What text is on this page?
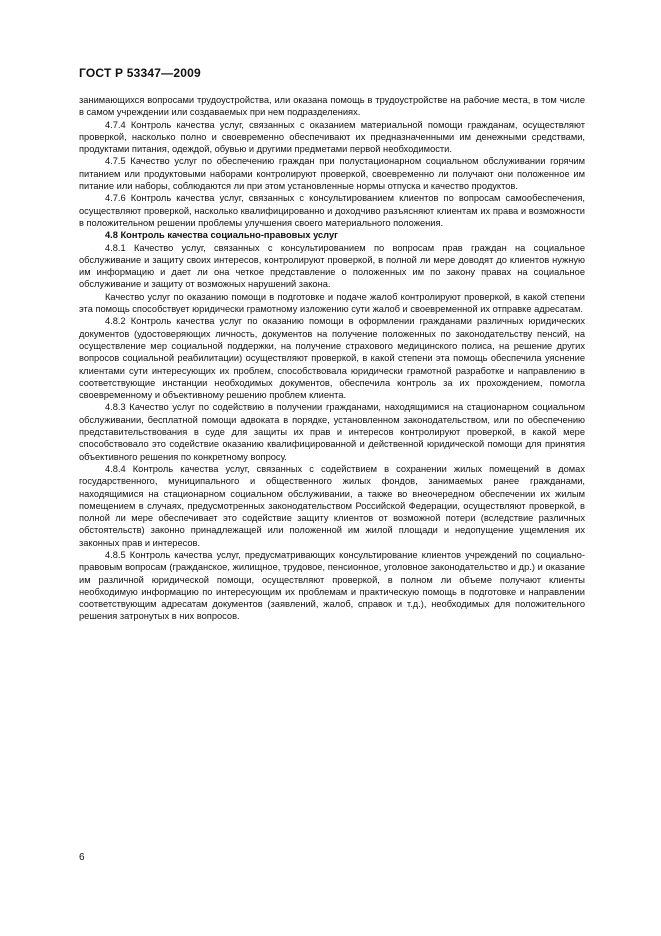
ГОСТ Р 53347—2009

занимающихся вопросами трудоустройства, или оказана помощь в трудоустройстве на рабочие места, в том числе в самом учреждении или создаваемых при нем подразделениях.

4.7.4 Контроль качества услуг, связанных с оказанием материальной помощи гражданам, осуществляют проверкой, насколько полно и своевременно обеспечивают их предназначенными им денежными средствами, продуктами питания, одеждой, обувью и другими предметами первой необходимости.

4.7.5 Качество услуг по обеспечению граждан при полустационарном социальном обслуживании горячим питанием или продуктовыми наборами контролируют проверкой, своевременно ли получают они положенное им питание или наборы, соблюдаются ли при этом установленные нормы отпуска и качество продуктов.

4.7.6 Контроль качества услуг, связанных с консультированием клиентов по вопросам самообеспечения, осуществляют проверкой, насколько квалифицированно и доходчиво разъясняют клиентам их права и возможности в положительном решении проблемы улучшения своего материального положения.

4.8 Контроль качества социально-правовых услуг

4.8.1 Качество услуг, связанных с консультированием по вопросам прав граждан на социальное обслуживание и защиту своих интересов, контролируют проверкой, в полной ли мере доводят до клиентов нужную им информацию и дает ли она четкое представление о положенных им по закону правах на социальное обслуживание и защиту от возможных нарушений закона.

Качество услуг по оказанию помощи в подготовке и подаче жалоб контролируют проверкой, в какой степени эта помощь способствует юридически грамотному изложению сути жалоб и своевременной их отправке адресатам.

4.8.2 Контроль качества услуг по оказанию помощи в оформлении гражданами различных юридических документов (удостоверяющих личность, документов на получение положенных по законодательству пенсий, на осуществление мер социальной поддержки, на получение страхового медицинского полиса, на решение других вопросов социальной реабилитации) осуществляют проверкой, в какой степени эта помощь обеспечила уяснение клиентами сути интересующих их проблем, способствовала юридически грамотной разработке и направлению в соответствующие инстанции необходимых документов, обеспечила контроль за их прохождением, помогла своевременному и объективному решению проблем клиента.

4.8.3 Качество услуг по содействию в получении гражданами, находящимися на стационарном социальном обслуживании, бесплатной помощи адвоката в порядке, установленном законодательством, или по обеспечению представительствования в суде для защиты их прав и интересов контролируют проверкой, в какой мере способствовало это содействие оказанию квалифицированной и действенной юридической помощи для принятия объективного решения по конкретному вопросу.

4.8.4 Контроль качества услуг, связанных с содействием в сохранении жилых помещений в домах государственного, муниципального и общественного жилых фондов, занимаемых ранее гражданами, находящимися на стационарном социальном обслуживании, а также во внеочередном обеспечении их жилым помещением в случаях, предусмотренных законодательством Российской Федерации, осуществляют проверкой, в полной ли мере обеспечивает это содействие защиту клиентов от возможной потери (вследствие различных обстоятельств) законно принадлежащей или положенной им жилой площади и недопущение ущемления их законных прав и интересов.

4.8.5 Контроль качества услуг, предусматривающих консультирование клиентов учреждений по социально-правовым вопросам (гражданское, жилищное, трудовое, пенсионное, уголовное законодательство и др.) и оказание им различной юридической помощи, осуществляют проверкой, в полном ли объеме получают клиенты необходимую информацию по интересующим их проблемам и практическую помощь в подготовке и направлении соответствующим адресатам документов (заявлений, жалоб, справок и т.д.), необходимых для положительного решения затронутых в них вопросов.

6
